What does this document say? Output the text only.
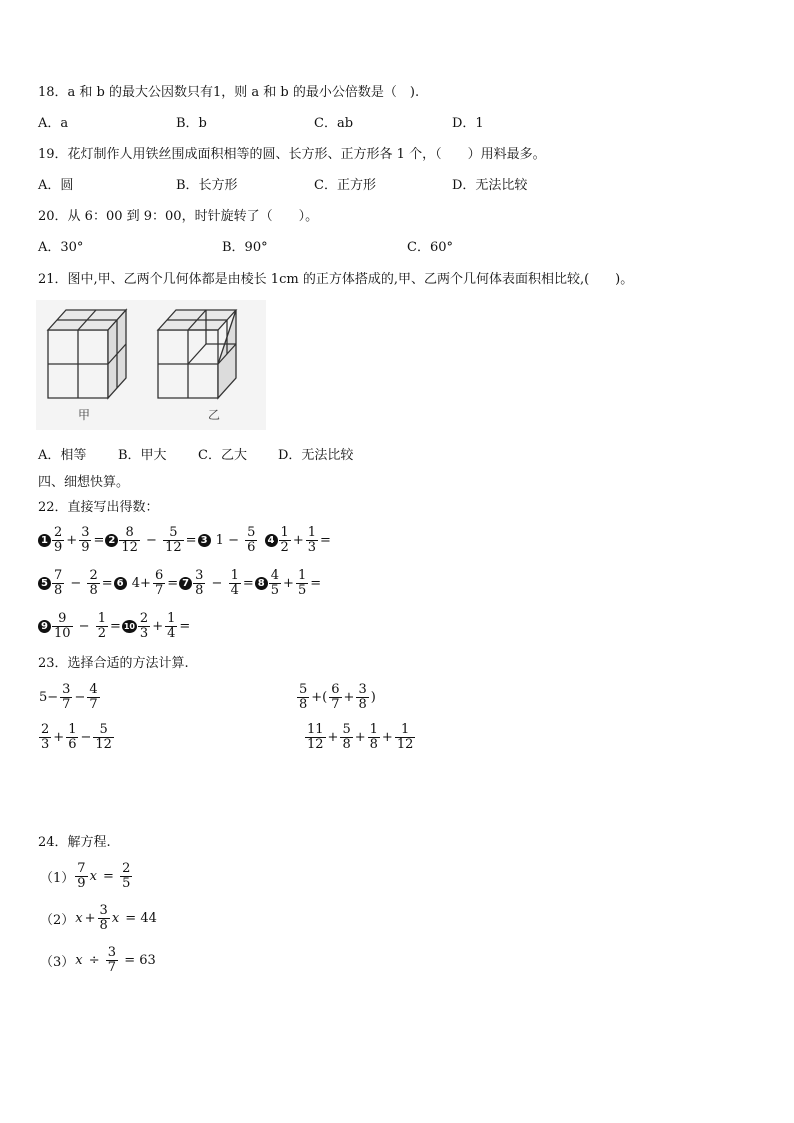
18．a 和 b 的最大公因数只有1，则 a 和 b 的最小公倍数是（　).
A．a	B．b	C．ab	D．1
19．花灯制作人用铁丝围成面积相等的圆、长方形、正方形各 1 个，（　　）用料最多。
A．圆	B．长方形	C．正方形	D．无法比较
20．从 6：00 到 9：00，时针旋转了（　　）。
A．30°	B．90°	C．60°
21．图中,甲、乙两个几何体都是由棱长 1cm 的正方体搭成的,甲、乙两个几何体表面积相比较,(　　)。
甲	乙
A．相等 B．甲大 C．乙大 D．无法比较
四、细想快算。
22．直接写出得数：
$1 \frac{2}{9} + \frac{3}{9} = 2 \frac{8}{12} - \frac{5}{12} = 3$ $1 - \frac{5}{6}$
	$4 \frac{1}{2} + \frac{1}{3}$ =
$5 \frac{7}{8} - \frac{2}{8} = 6$ $4+ \frac{6}{7} = 7 \frac{3}{8} - \frac{1}{4} = 8 \frac{4}{5} + \frac{1}{5}$ =
$9 \frac{9}{10} - \frac{1}{2} = 10 \frac{2}{3} + \frac{1}{4}$ =
23．选择合适的方法计算.
$5- \frac{3}{7} - \frac{4}{7}$	$\frac{5}{8}$ +( $\frac{6}{7} + \frac{3}{8}$ )
$\frac{2}{3} + \frac{1}{6} - \frac{5}{12}$	$\frac{11}{12} + \frac{5}{8} + \frac{1}{8} + \frac{1}{12}$
24．解方程.
$(1) \frac{7}{9}$ $x = \frac{2}{5}$
（2） $x + \frac{3}{8}$ x = 44
（3） $x \div \frac{3}{7} = 63$
